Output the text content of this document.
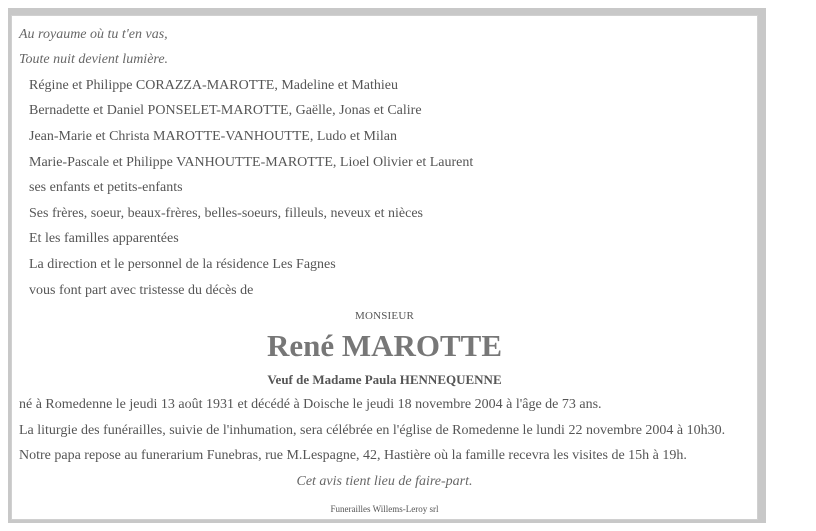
Au royaume où tu t'en vas,
Toute nuit devient lumière.
Régine et Philippe CORAZZA-MAROTTE, Madeline et Mathieu
Bernadette et Daniel PONSELET-MAROTTE, Gaëlle, Jonas et Calire
Jean-Marie et Christa MAROTTE-VANHOUTTE, Ludo et Milan
Marie-Pascale et Philippe VANHOUTTE-MAROTTE, Lioel Olivier et Laurent
ses enfants et petits-enfants
Ses frères, soeur, beaux-frères, belles-soeurs, filleuls, neveux et nièces
Et les familles apparentées
La direction et le personnel de la résidence Les Fagnes
vous font part avec tristesse du décès de
MONSIEUR
René MAROTTE
Veuf de Madame Paula HENNEQUENNE
né à Romedenne le jeudi 13 août 1931 et décédé à Doische le jeudi 18 novembre 2004 à l'âge de 73 ans.
La liturgie des funérailles, suivie de l'inhumation, sera célébrée en l'église de Romedenne le lundi 22 novembre 2004 à 10h30.
Notre papa repose au funerarium Funebras, rue M.Lespagne, 42, Hastière où la famille recevra les visites de 15h à 19h.
Cet avis tient lieu de faire-part.
Funerailles Willems-Leroy srl
